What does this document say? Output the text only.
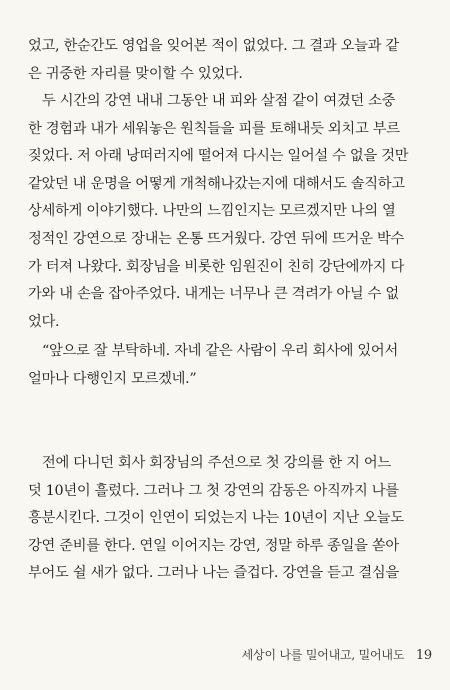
었고, 한순간도 영업을 잊어본 적이 없었다. 그 결과 오늘과 같
은 귀중한 자리를 맞이할 수 있었다.
두 시간의 강연 내내 그동안 내 피와 살점 같이 여겼던 소중
한 경험과 내가 세워놓은 원칙들을 피를 토해내듯 외치고 부르
짖었다. 저 아래 낭떠러지에 떨어져 다시는 일어설 수 없을 것만
같았던 내 운명을 어떻게 개척해나갔는지에 대해서도 솔직하고
상세하게 이야기했다. 나만의 느낌인지는 모르겠지만 나의 열
정적인 강연으로 장내는 온통 뜨거웠다. 강연 뒤에 뜨거운 박수
가 터져 나왔다. 회장님을 비롯한 임원진이 친히 강단에까지 다
가와 내 손을 잡아주었다. 내게는 너무나 큰 격려가 아닐 수 없
었다.
“앞으로 잘 부탁하네. 자네 같은 사람이 우리 회사에 있어서
얼마나 다행인지 모르겠네.”
전에 다니던 회사 회장님의 주선으로 첫 강의를 한 지 어느
덧 10년이 흘렀다. 그러나 그 첫 강연의 감동은 아직까지 나를
흥분시킨다. 그것이 인연이 되었는지 나는 10년이 지난 오늘도
강연 준비를 한다. 연일 이어지는 강연, 정말 하루 종일을 쏟아
부어도 쉴 새가 없다. 그러나 나는 즐겁다. 강연을 듣고 결심을
세상이 나를 밀어내고, 밀어내도 19
